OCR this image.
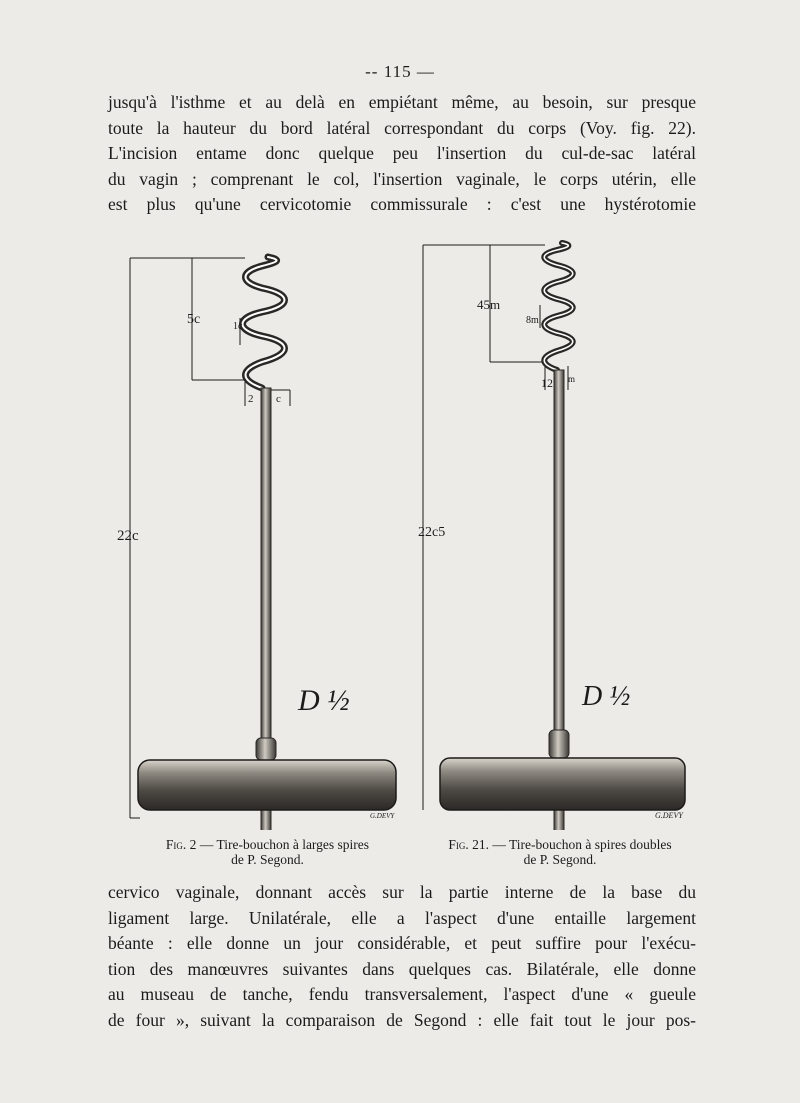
-- 115 —
jusqu'à l'isthme et au delà en empiétant même, au besoin, sur presque
toute la hauteur du bord latéral correspondant du corps (Voy. fig. 22).
L'incision entame donc quelque peu l'insertion du cul-de-sac latéral
du vagin ; comprenant le col, l'insertion vaginale, le corps utérin, elle
est plus qu'une cervicotomie commissurale : c'est une hystérotomie
5c	1c
2 c
22c
D ½
G.DEVY
45m
8m
12 m
22c5
D ½
G.DEVY
Fig. 2 — Tire-bouchon à larges spires
de P. Segond.
Fig. 21. — Tire-bouchon à spires doubles
de P. Segond.
cervico vaginale, donnant accès sur la partie interne de la base du
ligament large. Unilatérale, elle a l'aspect d'une entaille largement
béante : elle donne un jour considérable, et peut suffire pour l'exécu-
tion des manœuvres suivantes dans quelques cas. Bilatérale, elle donne
au museau de tanche, fendu transversalement, l'aspect d'une « gueule
de four », suivant la comparaison de Segond : elle fait tout le jour pos-
